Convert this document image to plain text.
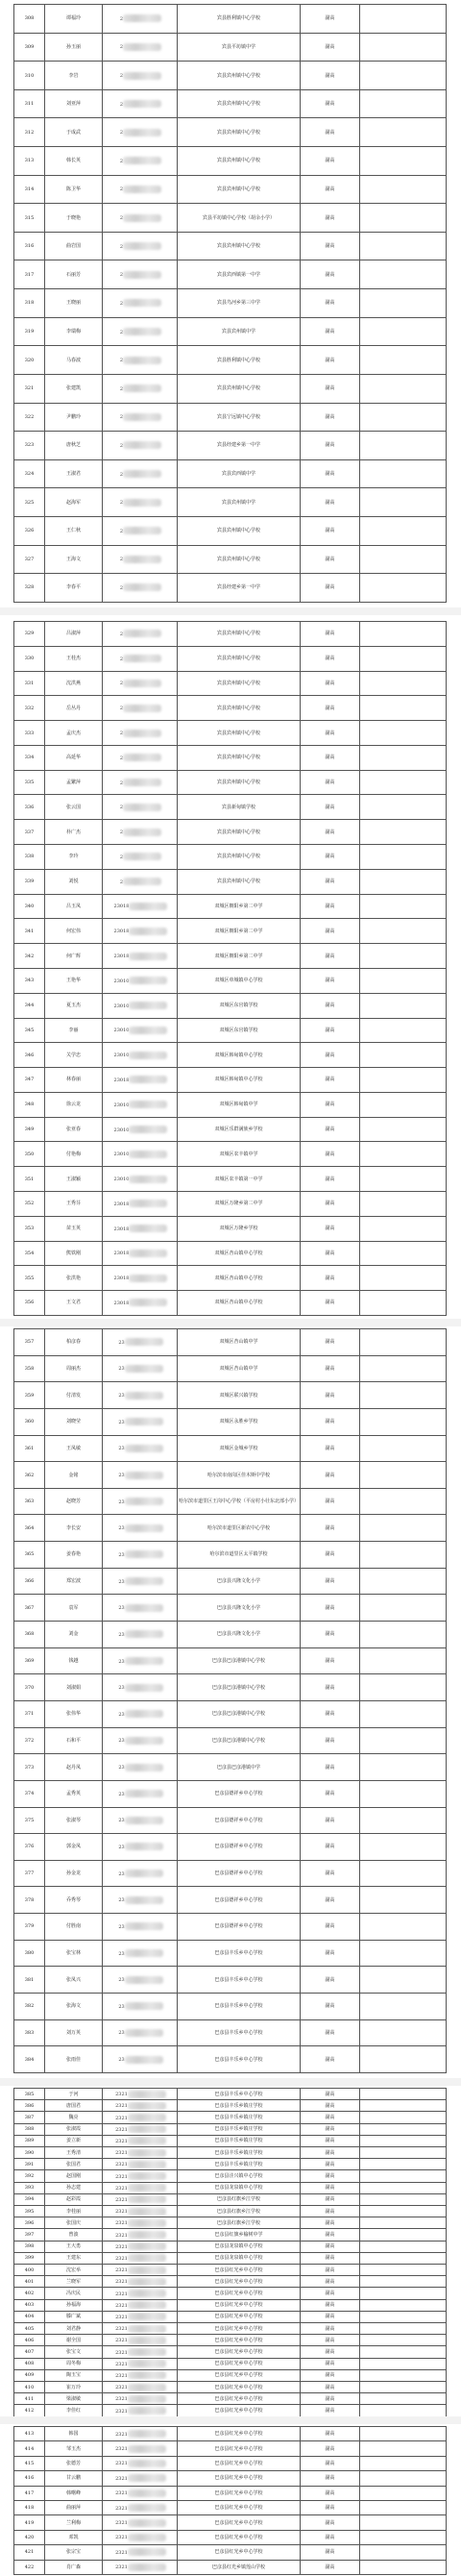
308	谭福玲	2	宾县胜利镇中心学校	副高	
309	孙玉丽	2	宾县平坊镇中学	副高	
310	李岩	2	宾县宾州镇中心学校	副高	
311	刘亚萍	2	宾县宾州镇中心学校	副高	
312	于成武	2	宾县宾州镇中心学校	副高	
313	韩长英	2	宾县宾州镇中心学校	副高	
314	陈卫华	2	宾县宾州镇中心学校	副高	
315	于晓艳	2	宾县平坊镇中心学校（胡余小学）	副高	
316	曲岩国	2	宾县宾州镇中心学校	副高	
317	石丽芳	2	宾县宾西镇第一中学	副高	
318	王晓丽	2	宾县鸟河乡第三中学	副高	
319	李瑞梅	2	宾县宾州镇中学	副高	
320	马春波	2	宾县胜利镇中心学校	副高	
321	张建凯	2	宾县宾州镇中心学校	副高	
322	尹鹏玲	2	宾县宁远镇中心学校	副高	
323	唐秋芝	2	宾县经建乡第一中学	副高	
324	王淑君	2	宾县宾西镇中学	副高	
325	赵海军	2	宾县宾州镇中学	副高	
326	王仁秋	2	宾县宾州镇中心学校	副高	
327	王海文	2	宾县宾州镇中心学校	副高	
328	李春平	2	宾县经建乡第一中学	副高	
329	吕淑萍	2	宾县宾州镇中心学校	副高	
330	王桂杰	2	宾县宾州镇中心学校	副高	
331	沈洪燕	2	宾县宾州镇中心学校	副高	
332	岳丛丹	2	宾县宾州镇中心学校	副高	
333	孟庆杰	2	宾县宾州镇中心学校	副高	
334	高延华	2	宾县宾州镇中心学校	副高	
335	孟繁萍	2	宾县宾州镇中心学校	副高	
336	张云国	2	宾县新甸镇学校	副高	
337	朴广杰	2	宾县宾州镇中心学校	副高	
338	李玲	2	宾县宾州镇中心学校	副高	
339	刘悦	2	宾县宾州镇中心学校	副高	
340	吕玉凤	23018	双城区朝阳乡第二中学	副高	
341	何宏伟	23018	双城区朝阳乡第二中学	副高	
342	何广辉	23018	双城区朝阳乡第二中学	副高	
343	王艳华	23010	双城区单城镇中心学校	副高	
344	夏玉杰	23010	双城区东官镇学校	副高	
345	李丽	23010	双城区东官镇学校	副高	
346	关学忠	23010	双城区韩甸镇中心学校	副高	
347	林春丽	23018	双城区韩甸镇中心学校	副高	
348	徐云龙	23010	双城区韩甸镇中学	副高	
349	张亚春	23010	双城区乐群满族乡学校	副高	
350	付艳梅	23010	双城区农丰镇中学	副高	
351	王淑颖	23010	双城区农丰镇第一中学	副高	
352	王秀芬	23018	双城区万隆乡第二中学	副高	
353	苗玉英	23018	双城区万隆乡学校	副高	
354	熊铁刚	23018	双城区杏山镇中心学校	副高	
355	张洪艳	23018	双城区杏山镇中心学校	副高	
356	王文君	23018	双城区杏山镇中心学校	副高	
357	柏彦春	23	双城区杏山镇中学	副高	
358	周丽杰	23	双城区杏山镇中学	副高	
359	付清发	23	双城区联兴镇学校	副高	
360	刘晓莹	23	双城区永胜乡学校	副高	
361	王凤敏	23	双城区金城乡学校	副高	
362	金铭	23	哈尔滨市南岗区佳木斯中学校	副高	
363	赵晓芳	23	哈尔滨市道里区王岗中心学校（平房村小壮东北部小学）	副高	
364	李长安	23	哈尔滨市道里区新农中心学校	副高	
365	姜春艳	23	哈尔滨市道里区太平镇学校	副高	
366	郑宏波	23	巴彦县兴隆文化小学	副高	
367	袁军	23	巴彦县兴隆文化小学	副高	
368	刘金	23	巴彦县兴隆文化小学	副高	
369	钱越	23	巴彦县巴彦港镇中心学校	副高	
370	刘淑娟	23	巴彦县巴彦港镇中心学校	副高	
371	张伟华	23	巴彦县巴彦港镇中心学校	副高	
372	石和平	23	巴彦县巴彦港镇中心学校	副高	
373	赵丹凤	23	巴彦县巴彦港镇中学	副高	
374	孟秀英	23	巴彦县德祥乡中心学校	副高	
375	张淑琴	23	巴彦县德祥乡中心学校	副高	
376	郭金凤	23	巴彦县德祥乡中心学校	副高	
377	孙金龙	23	巴彦县德祥乡中心学校	副高	
378	乔秀琴	23	巴彦县德祥乡中心学校	副高	
379	付胜南	23	巴彦县德祥乡中心学校	副高	
380	张宝林	23	巴彦县丰乐乡中心学校	副高	
381	张凤兴	23	巴彦县丰乐乡中心学校	副高	
382	张海文	23	巴彦县丰乐乡中心学校	副高	
383	刘万英	23	巴彦县丰乐乡中心学校	副高	
384	张雨佳	23	巴彦县丰乐乡中心学校	副高	
385	于河	2321	巴彦县丰乐乡中心学校	副高	
386	唐国君	2321	巴彦县丰乐乡镇庄学校	副高	
387	魏亮	2321	巴彦县丰乐乡镇庄学校	副高	
388	张淑霞	2321	巴彦县丰乐乡镇庄学校	副高	
389	姜立新	2321	巴彦县丰乐乡镇庄学校	副高	
390	王秀清	2321	巴彦县丰乐乡镇庄学校	副高	
391	张国君	2321	巴彦县丰乐乡镇庄学校	副高	
392	赵国刚	2321	巴彦县洼兴镇中心学校	副高	
393	孙志建	2321	巴彦县龙泉镇中心学校	副高	
394	赵彩霞	2321	巴彦县红旗乡江学校	副高	
395	李桂丽	2321	巴彦县红旗乡江学校	副高	
396	张国庆	2321	巴彦县红旗乡江学校	副高	
397	曾波	2321	巴彦县红旗乡榆树中学	副高	
398	王大勇	2321	巴彦县龙泉镇中心学校	副高	
399	王建东	2321	巴彦县龙泉镇中心学校	副高	
400	沈宏举	2321	巴彦县红光乡中心学校	副高	
401	兰晓军	2321	巴彦县红光乡中心学校	副高	
402	冯庆民	2321	巴彦县红光乡中心学校	副高	
403	孙福海	2321	巴彦县红光乡中心学校	副高	
404	滕广斌	2321	巴彦县红光乡中心学校	副高	
405	刘君静	2321	巴彦县红光乡中心学校	副高	
406	谢全国	2321	巴彦县红光乡中心学校	副高	
407	张宝文	2321	巴彦县红光乡中心学校	副高	
408	周冬梅	2321	巴彦县红光乡中心学校	副高	
409	陶玉宝	2321	巴彦县红光乡中心学校	副高	
410	崔万玲	2321	巴彦县红光乡中心学校	副高	
411	梁淑敏	2321	巴彦县红光乡中心学校	副高	
412	李佳红	2321	巴彦县红光乡中心学校	副高	
413	韩国	2321	巴彦县红光乡中心学校	副高	
414	邹玉杰	2321	巴彦县红光乡中心学校	副高	
415	张德芳	2321	巴彦县红光乡中心学校	副高	
416	甘云鹏	2321	巴彦县红光乡中心学校	副高	
417	韩曙峰	2321	巴彦县红光乡中心学校	副高	
418	曲丽萍	2321	巴彦县红光乡中心学校	副高	
419	兰利梅	2321	巴彦县红光乡中心学校	副高	
420	邓凯	2321	巴彦县红光乡中心学校	副高	
421	张宗宝	2321	巴彦县红光乡中心学校	副高	
422	肖广森	2321	巴彦县红光乡镇莲山学校	副高	
